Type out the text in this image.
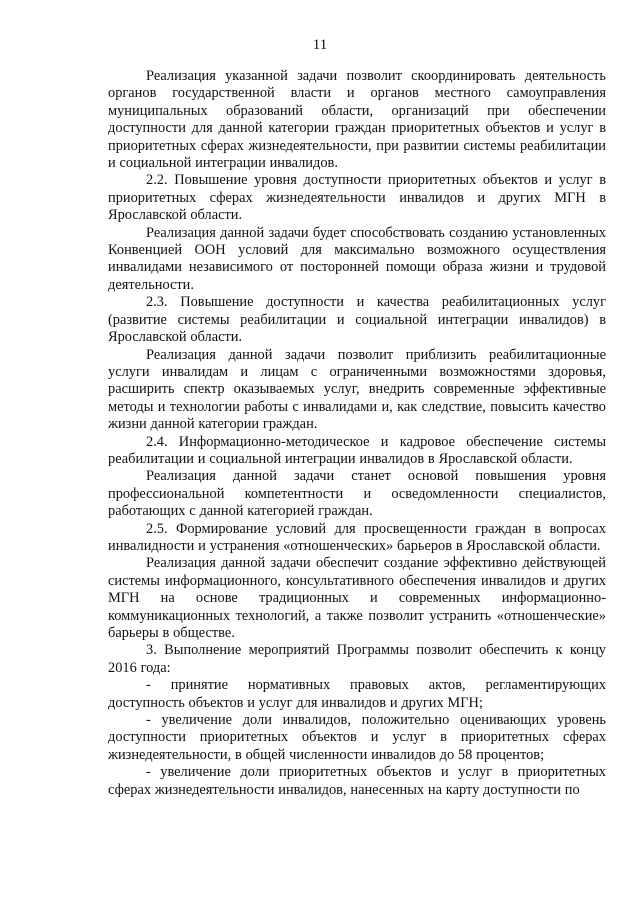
11

Реализация указанной задачи позволит скоординировать деятельность органов государственной власти и органов местного самоуправления муниципальных образований области, организаций при обеспечении доступности для данной категории граждан приоритетных объектов и услуг в приоритетных сферах жизнедеятельности, при развитии системы реабилитации и социальной интеграции инвалидов.

2.2. Повышение уровня доступности приоритетных объектов и услуг в приоритетных сферах жизнедеятельности инвалидов и других МГН в Ярославской области.

Реализация данной задачи будет способствовать созданию установленных Конвенцией ООН условий для максимально возможного осуществления инвалидами независимого от посторонней помощи образа жизни и трудовой деятельности.

2.3. Повышение доступности и качества реабилитационных услуг (развитие системы реабилитации и социальной интеграции инвалидов) в Ярославской области.

Реализация данной задачи позволит приблизить реабилитационные услуги инвалидам и лицам с ограниченными возможностями здоровья, расширить спектр оказываемых услуг, внедрить современные эффективные методы и технологии работы с инвалидами и, как следствие, повысить качество жизни данной категории граждан.

2.4. Информационно-методическое и кадровое обеспечение системы реабилитации и социальной интеграции инвалидов в Ярославской области.

Реализация данной задачи станет основой повышения уровня профессиональной компетентности и осведомленности специалистов, работающих с данной категорией граждан.

2.5. Формирование условий для просвещенности граждан в вопросах инвалидности и устранения «отношенческих» барьеров в Ярославской области.

Реализация данной задачи обеспечит создание эффективно действующей системы информационного, консультативного обеспечения инвалидов и других МГН на основе традиционных и современных информационно-коммуникационных технологий, а также позволит устранить «отношенческие» барьеры в обществе.

3. Выполнение мероприятий Программы позволит обеспечить к концу 2016 года:

- принятие нормативных правовых актов, регламентирующих доступность объектов и услуг для инвалидов и других МГН;

- увеличение доли инвалидов, положительно оценивающих уровень доступности приоритетных объектов и услуг в приоритетных сферах жизнедеятельности, в общей численности инвалидов до 58 процентов;

- увеличение доли приоритетных объектов и услуг в приоритетных сферах жизнедеятельности инвалидов, нанесенных на карту доступности по
